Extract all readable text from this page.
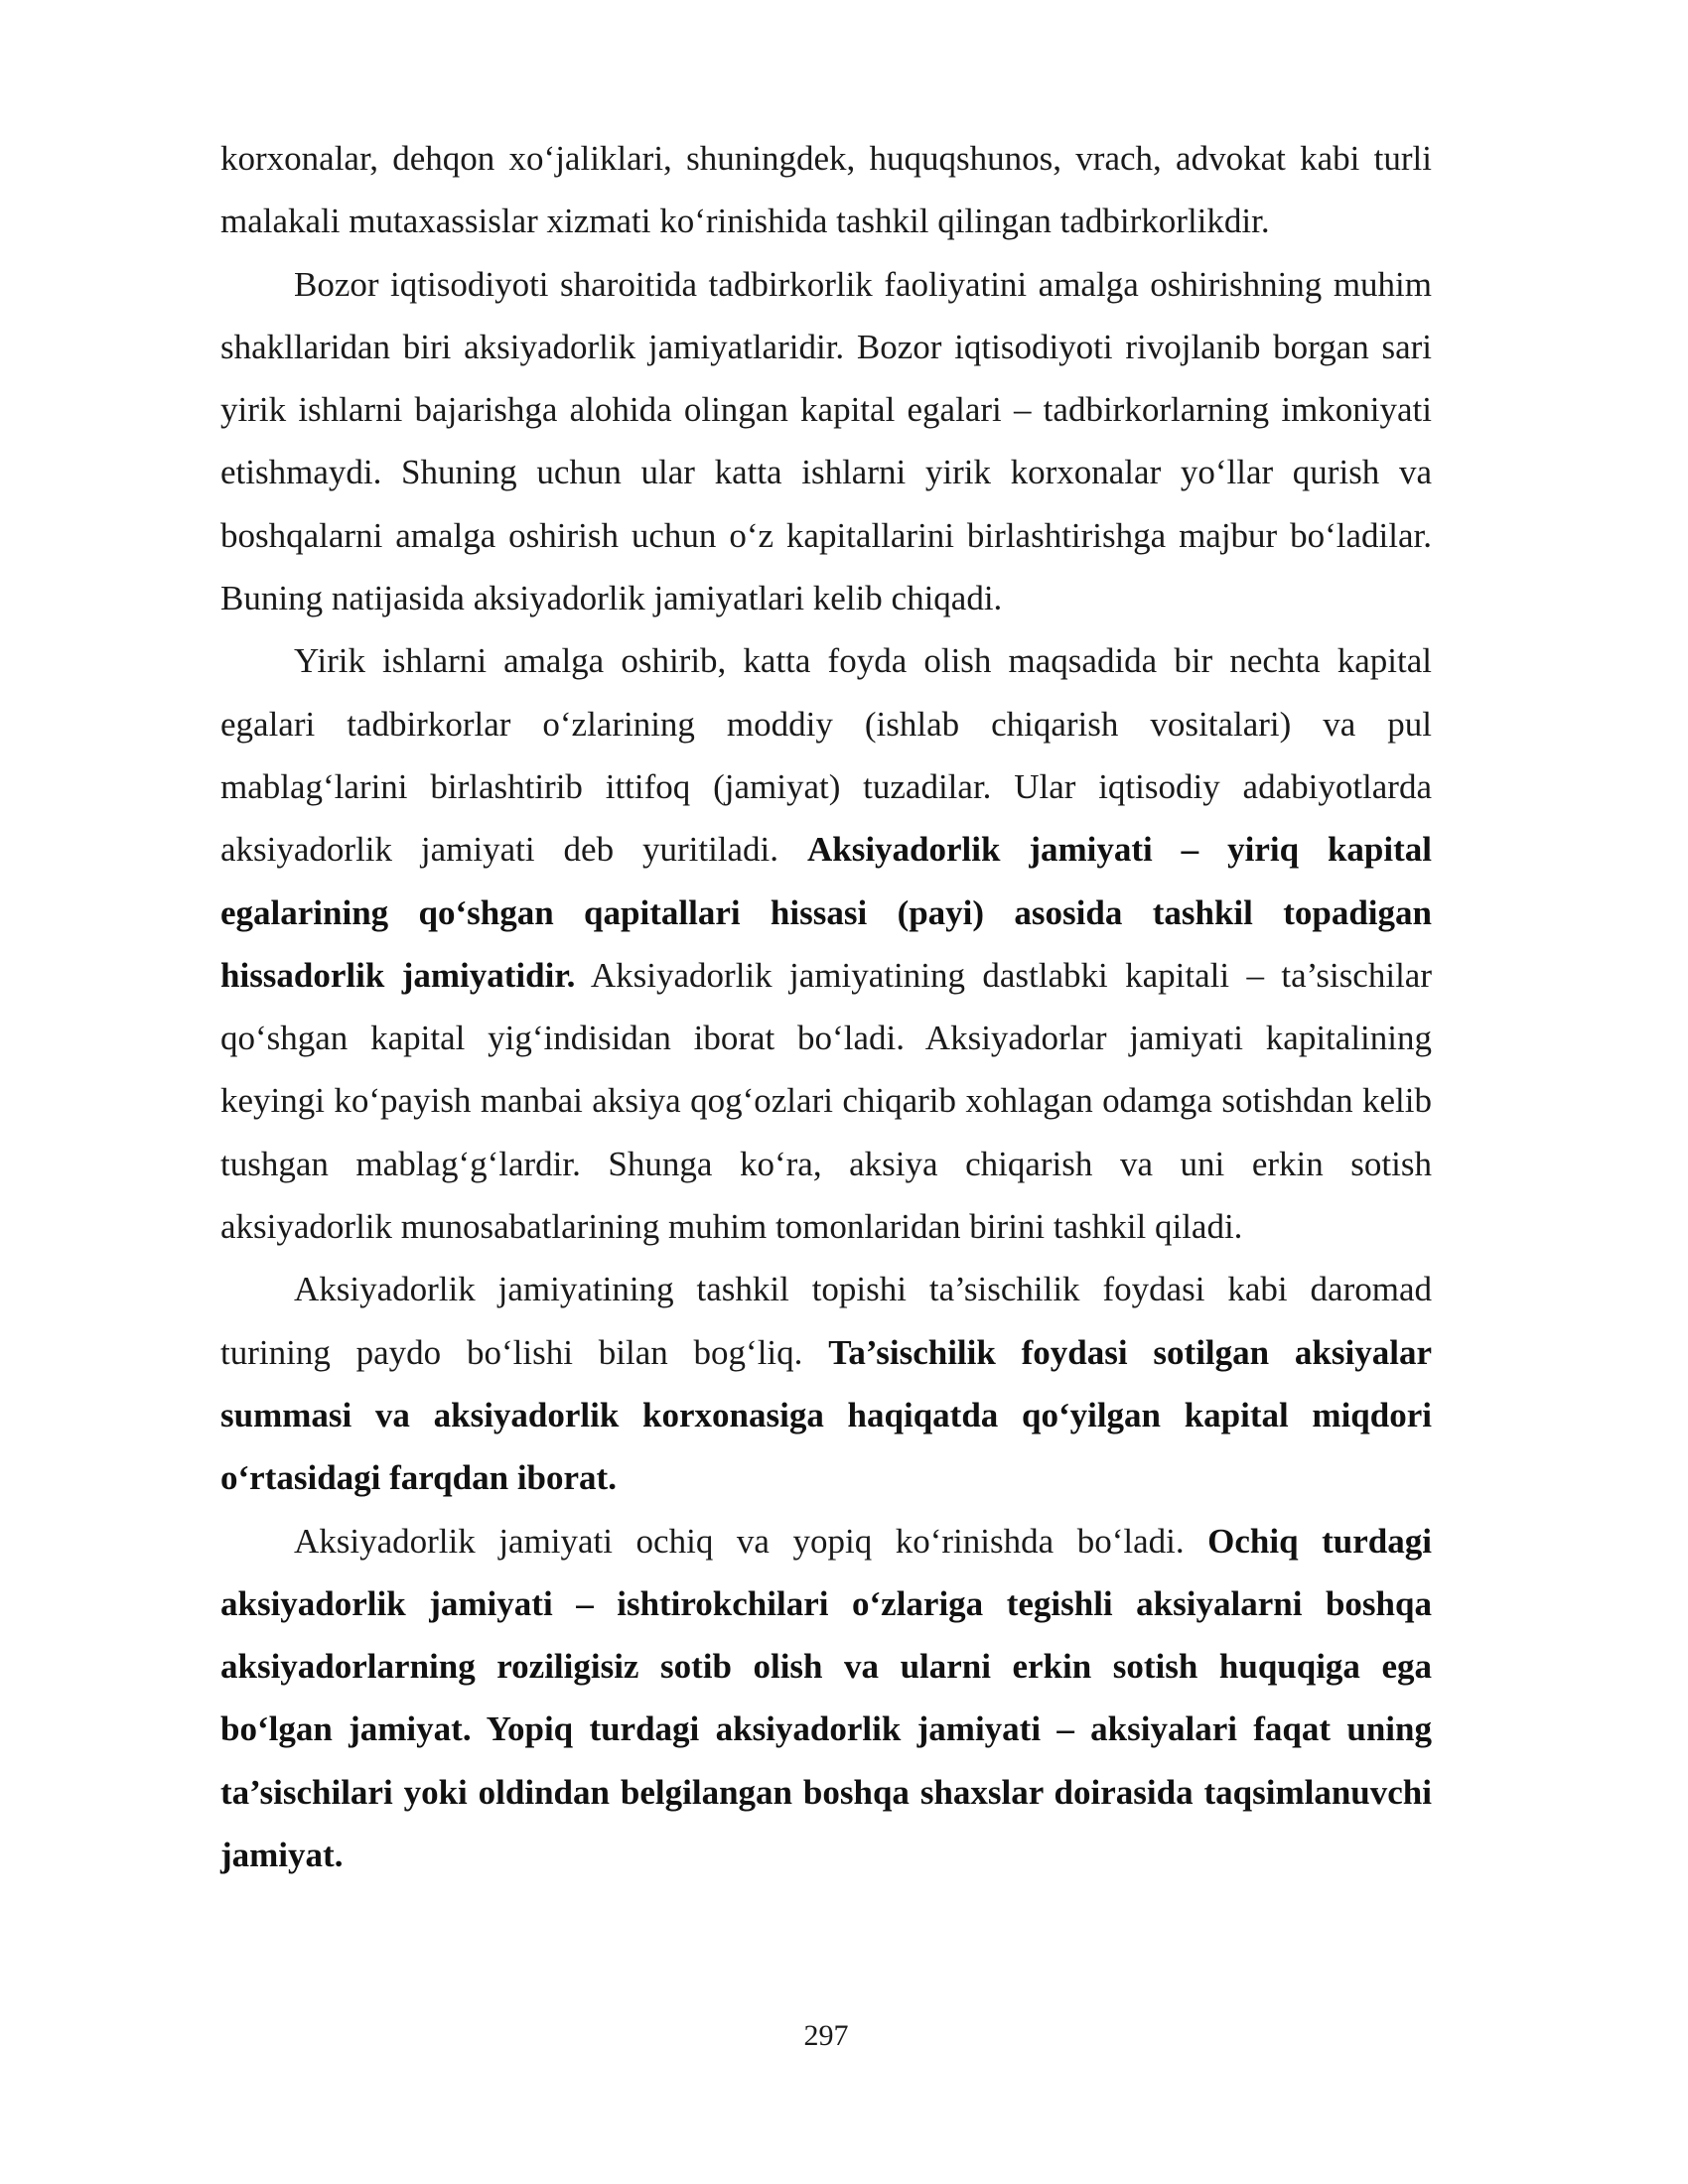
korxonalar, dehqon xo‘jaliklari, shuningdek, huquqshunos, vrach, advokat kabi turli malakali mutaxassislar xizmati ko‘rinishida tashkil qilingan tadbirkorlikdir.

Bozor iqtisodiyoti sharoitida tadbirkorlik faoliyatini amalga oshirishning muhim shakllaridan biri aksiyadorlik jamiyatlaridir. Bozor iqtisodiyoti rivojlanib borgan sari yirik ishlarni bajarishga alohida olingan kapital egalari – tadbirkorlarning imkoniyati etishmaydi. Shuning uchun ular katta ishlarni yirik korxonalar yo‘llar qurish va boshqalarni amalga oshirish uchun o‘z kapitallarini birlashtirishga majbur bo‘ladilar. Buning natijasida aksiyadorlik jamiyatlari kelib chiqadi.

Yirik ishlarni amalga oshirib, katta foyda olish maqsadida bir nechta kapital egalari tadbirkorlar o‘zlarining moddiy (ishlab chiqarish vositalari) va pul mablag‘larini birlashtirib ittifoq (jamiyat) tuzadilar. Ular iqtisodiy adabiyotlarda aksiyadorlik jamiyati deb yuritiladi. Aksiyadorlik jamiyati – yiriq kapital egalarining qo‘shgan qapitallari hissasi (payi) asosida tashkil topadigan hissadorlik jamiyatidir. Aksiyadorlik jamiyatining dastlabki kapitali – ta’sischilar qo‘shgan kapital yig‘indisidan iborat bo‘ladi. Aksiyadorlar jamiyati kapitalining keyingi ko‘payish manbai aksiya qog‘ozlari chiqarib xohlagan odamga sotishdan kelib tushgan mablag‘g‘lardir. Shunga ko‘ra, aksiya chiqarish va uni erkin sotish aksiyadorlik munosabatlarining muhim tomonlaridan birini tashkil qiladi.

Aksiyadorlik jamiyatining tashkil topishi ta’sischilik foydasi kabi daromad turining paydo bo‘lishi bilan bog‘liq. Ta’sischilik foydasi sotilgan aksiyalar summasi va aksiyadorlik korxonasiga haqiqatda qo‘yilgan kapital miqdori o‘rtasidagi farqdan iborat.

Aksiyadorlik jamiyati ochiq va yopiq ko‘rinishda bo‘ladi. Ochiq turdagi aksiyadorlik jamiyati – ishtirokchilari o‘zlariga tegishli aksiyalarni boshqa aksiyadorlarning roziligisiz sotib olish va ularni erkin sotish huquqiga ega bo‘lgan jamiyat. Yopiq turdagi aksiyadorlik jamiyati – aksiyalari faqat uning ta’sischilari yoki oldindan belgilangan boshqa shaxslar doirasida taqsimlanuvchi jamiyat.

297
